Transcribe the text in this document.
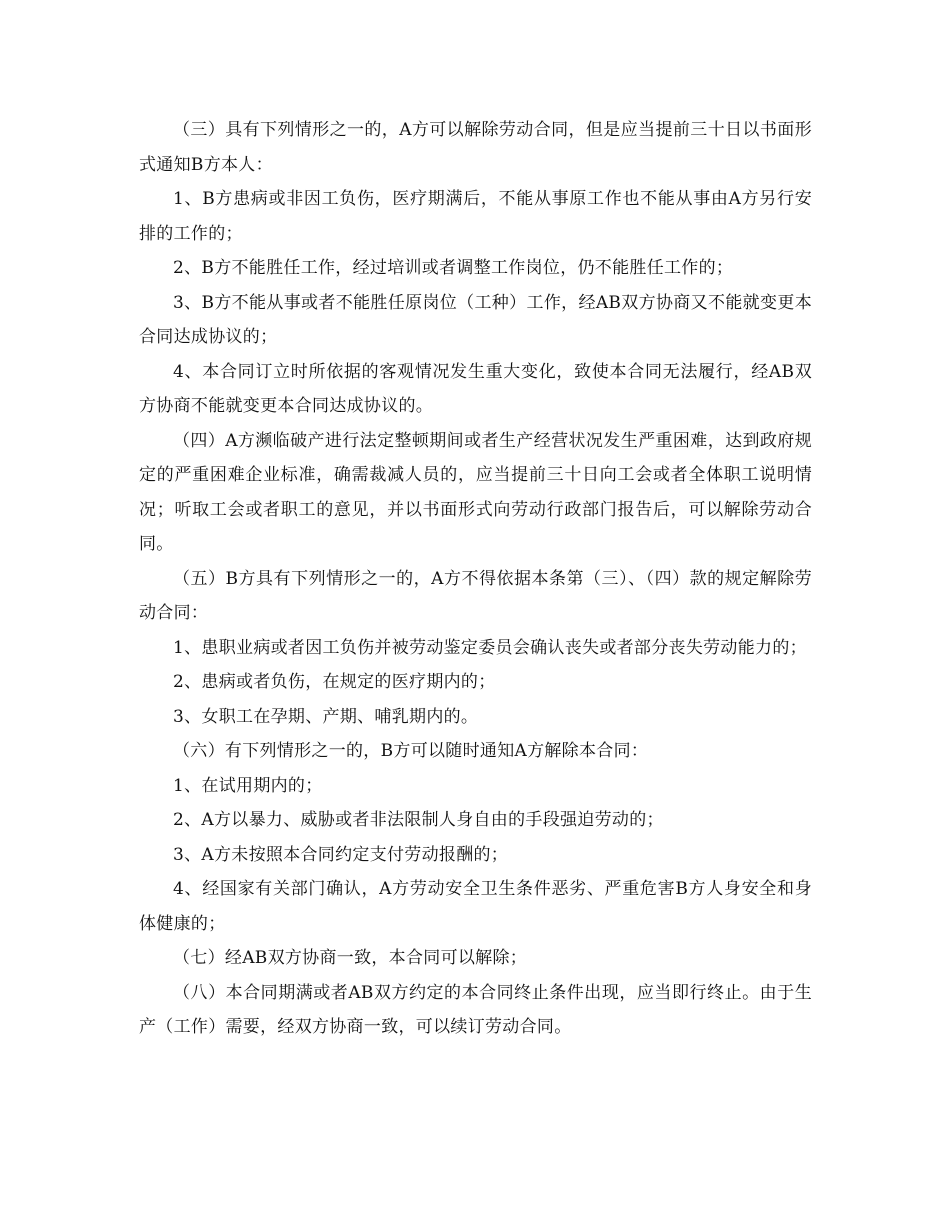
（三）具有下列情形之一的，A方可以解除劳动合同，但是应当提前三十日以书面形式通知B方本人：

1、B方患病或非因工负伤，医疗期满后，不能从事原工作也不能从事由A方另行安排的工作的；

2、B方不能胜任工作，经过培训或者调整工作岗位，仍不能胜任工作的；

3、B方不能从事或者不能胜任原岗位（工种）工作，经AB双方协商又不能就变更本合同达成协议的；

4、本合同订立时所依据的客观情况发生重大变化，致使本合同无法履行，经AB双方协商不能就变更本合同达成协议的。

（四）A方濒临破产进行法定整顿期间或者生产经营状况发生严重困难，达到政府规定的严重困难企业标准，确需裁减人员的，应当提前三十日向工会或者全体职工说明情况；听取工会或者职工的意见，并以书面形式向劳动行政部门报告后，可以解除劳动合同。

（五）B方具有下列情形之一的，A方不得依据本条第（三）、（四）款的规定解除劳动合同：

1、患职业病或者因工负伤并被劳动鉴定委员会确认丧失或者部分丧失劳动能力的；

2、患病或者负伤，在规定的医疗期内的；

3、女职工在孕期、产期、哺乳期内的。

（六）有下列情形之一的，B方可以随时通知A方解除本合同：

1、在试用期内的；

2、A方以暴力、威胁或者非法限制人身自由的手段强迫劳动的；

3、A方未按照本合同约定支付劳动报酬的；

4、经国家有关部门确认，A方劳动安全卫生条件恶劣、严重危害B方人身安全和身体健康的；

（七）经AB双方协商一致，本合同可以解除；

（八）本合同期满或者AB双方约定的本合同终止条件出现，应当即行终止。由于生产（工作）需要，经双方协商一致，可以续订劳动合同。
